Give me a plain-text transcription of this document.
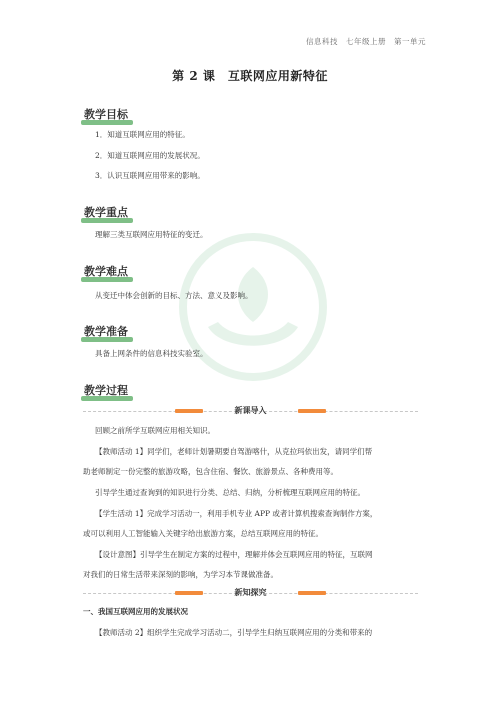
信息科技　七年级上册　第一单元
第 2 课　互联网应用新特征
教学目标
1．知道互联网应用的特征。
2．知道互联网应用的发展状况。
3．认识互联网应用带来的影响。
教学重点
理解三类互联网应用特征的变迁。
教学难点
从变迁中体会创新的目标、方法、意义及影响。
教学准备
具备上网条件的信息科技实验室。
教学过程
新课导入
回顾之前所学互联网应用相关知识。
【教师活动 1】同学们，老师计划暑期要自驾游喀什，从克拉玛依出发，请同学们帮
助老师制定一份完整的旅游攻略，包含住宿、餐饮、旅游景点、各种费用等。
引导学生通过查询到的知识进行分类、总结、归纳，分析梳理互联网应用的特征。
【学生活动 1】完成学习活动一，利用手机专业 APP 或者计算机搜索查询制作方案，
或可以利用人工智能输入关键字给出旅游方案，总结互联网应用的特征。
【设计意图】引导学生在制定方案的过程中，理解并体会互联网应用的特征，互联网
对我们的日常生活带来深刻的影响，为学习本节课做准备。
新知探究
一、我国互联网应用的发展状况
【教师活动 2】组织学生完成学习活动二，引导学生归纳互联网应用的分类和带来的
